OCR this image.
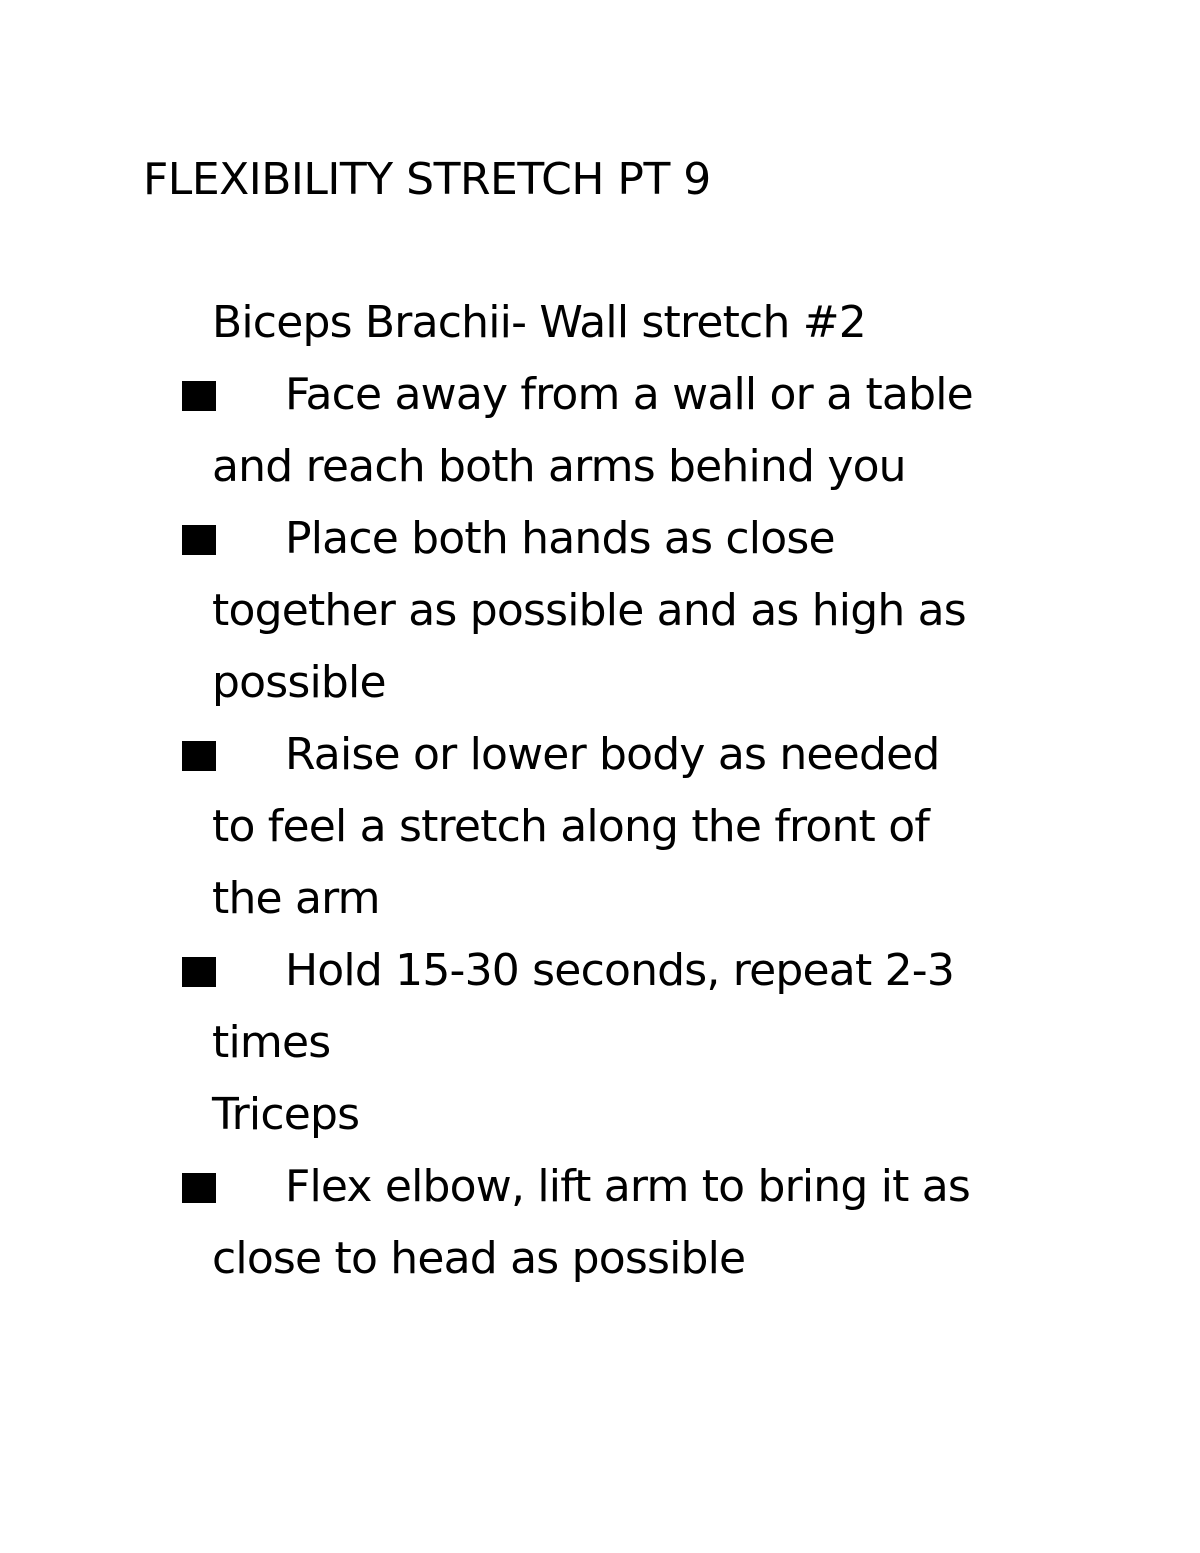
FLEXIBILITY STRETCH PT 9
Biceps Brachii- Wall stretch #2
Face away from a wall or a table
and reach both arms behind you
Place both hands as close
together as possible and as high as
possible
Raise or lower body as needed
to feel a stretch along the front of
the arm
Hold 15-30 seconds, repeat 2-3
times
Triceps
Flex elbow, lift arm to bring it as
close to head as possible
